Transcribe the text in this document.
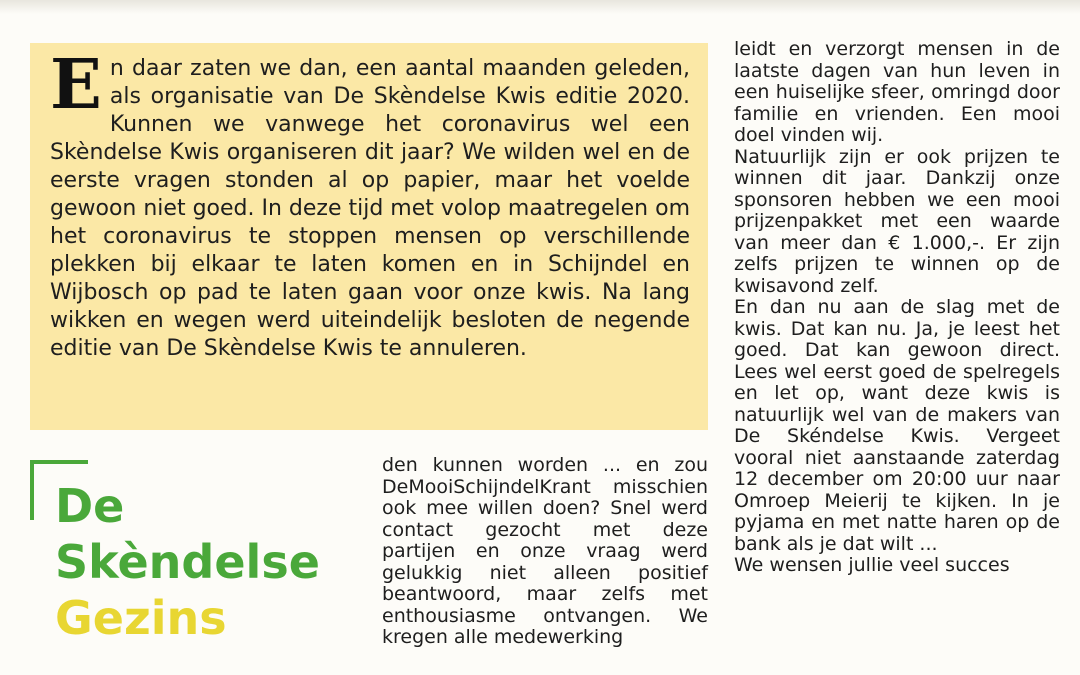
En daar zaten we dan, een aantal maanden geleden, als organisatie van De Skèndelse Kwis editie 2020. Kunnen we vanwege het coronavirus wel een Skèndelse Kwis organiseren dit jaar? We wilden wel en de eerste vragen stonden al op papier, maar het voelde gewoon niet goed. In deze tijd met volop maatregelen om het coronavirus te stoppen mensen op verschillende plekken bij elkaar te laten komen en in Schijndel en Wijbosch op pad te laten gaan voor onze kwis. Na lang wikken en wegen werd uiteindelijk besloten de negende editie van De Skèndelse Kwis te annuleren.
De
Skèndelse
Gezins

den kunnen worden ... en zou DeMooiSchijndelKrant misschien ook mee willen doen? Snel werd contact gezocht met deze partijen en onze vraag werd gelukkig niet alleen positief beantwoord, maar zelfs met enthousiasme ontvangen. We kregen alle medewerking

leidt en verzorgt mensen in de laatste dagen van hun leven in een huiselijke sfeer, omringd door familie en vrienden. Een mooi doel vinden wij.

Natuurlijk zijn er ook prijzen te winnen dit jaar. Dankzij onze sponsoren hebben we een mooi prijzenpakket met een waarde van meer dan € 1.000,-. Er zijn zelfs prijzen te winnen op de kwisavond zelf.

En dan nu aan de slag met de kwis. Dat kan nu. Ja, je leest het goed. Dat kan gewoon direct. Lees wel eerst goed de spelregels en let op, want deze kwis is natuurlijk wel van de makers van De Skéndelse Kwis. Vergeet vooral niet aanstaande zaterdag 12 december om 20:00 uur naar Omroep Meierij te kijken. In je pyjama en met natte haren op de bank als je dat wilt ...

We wensen jullie veel succes
